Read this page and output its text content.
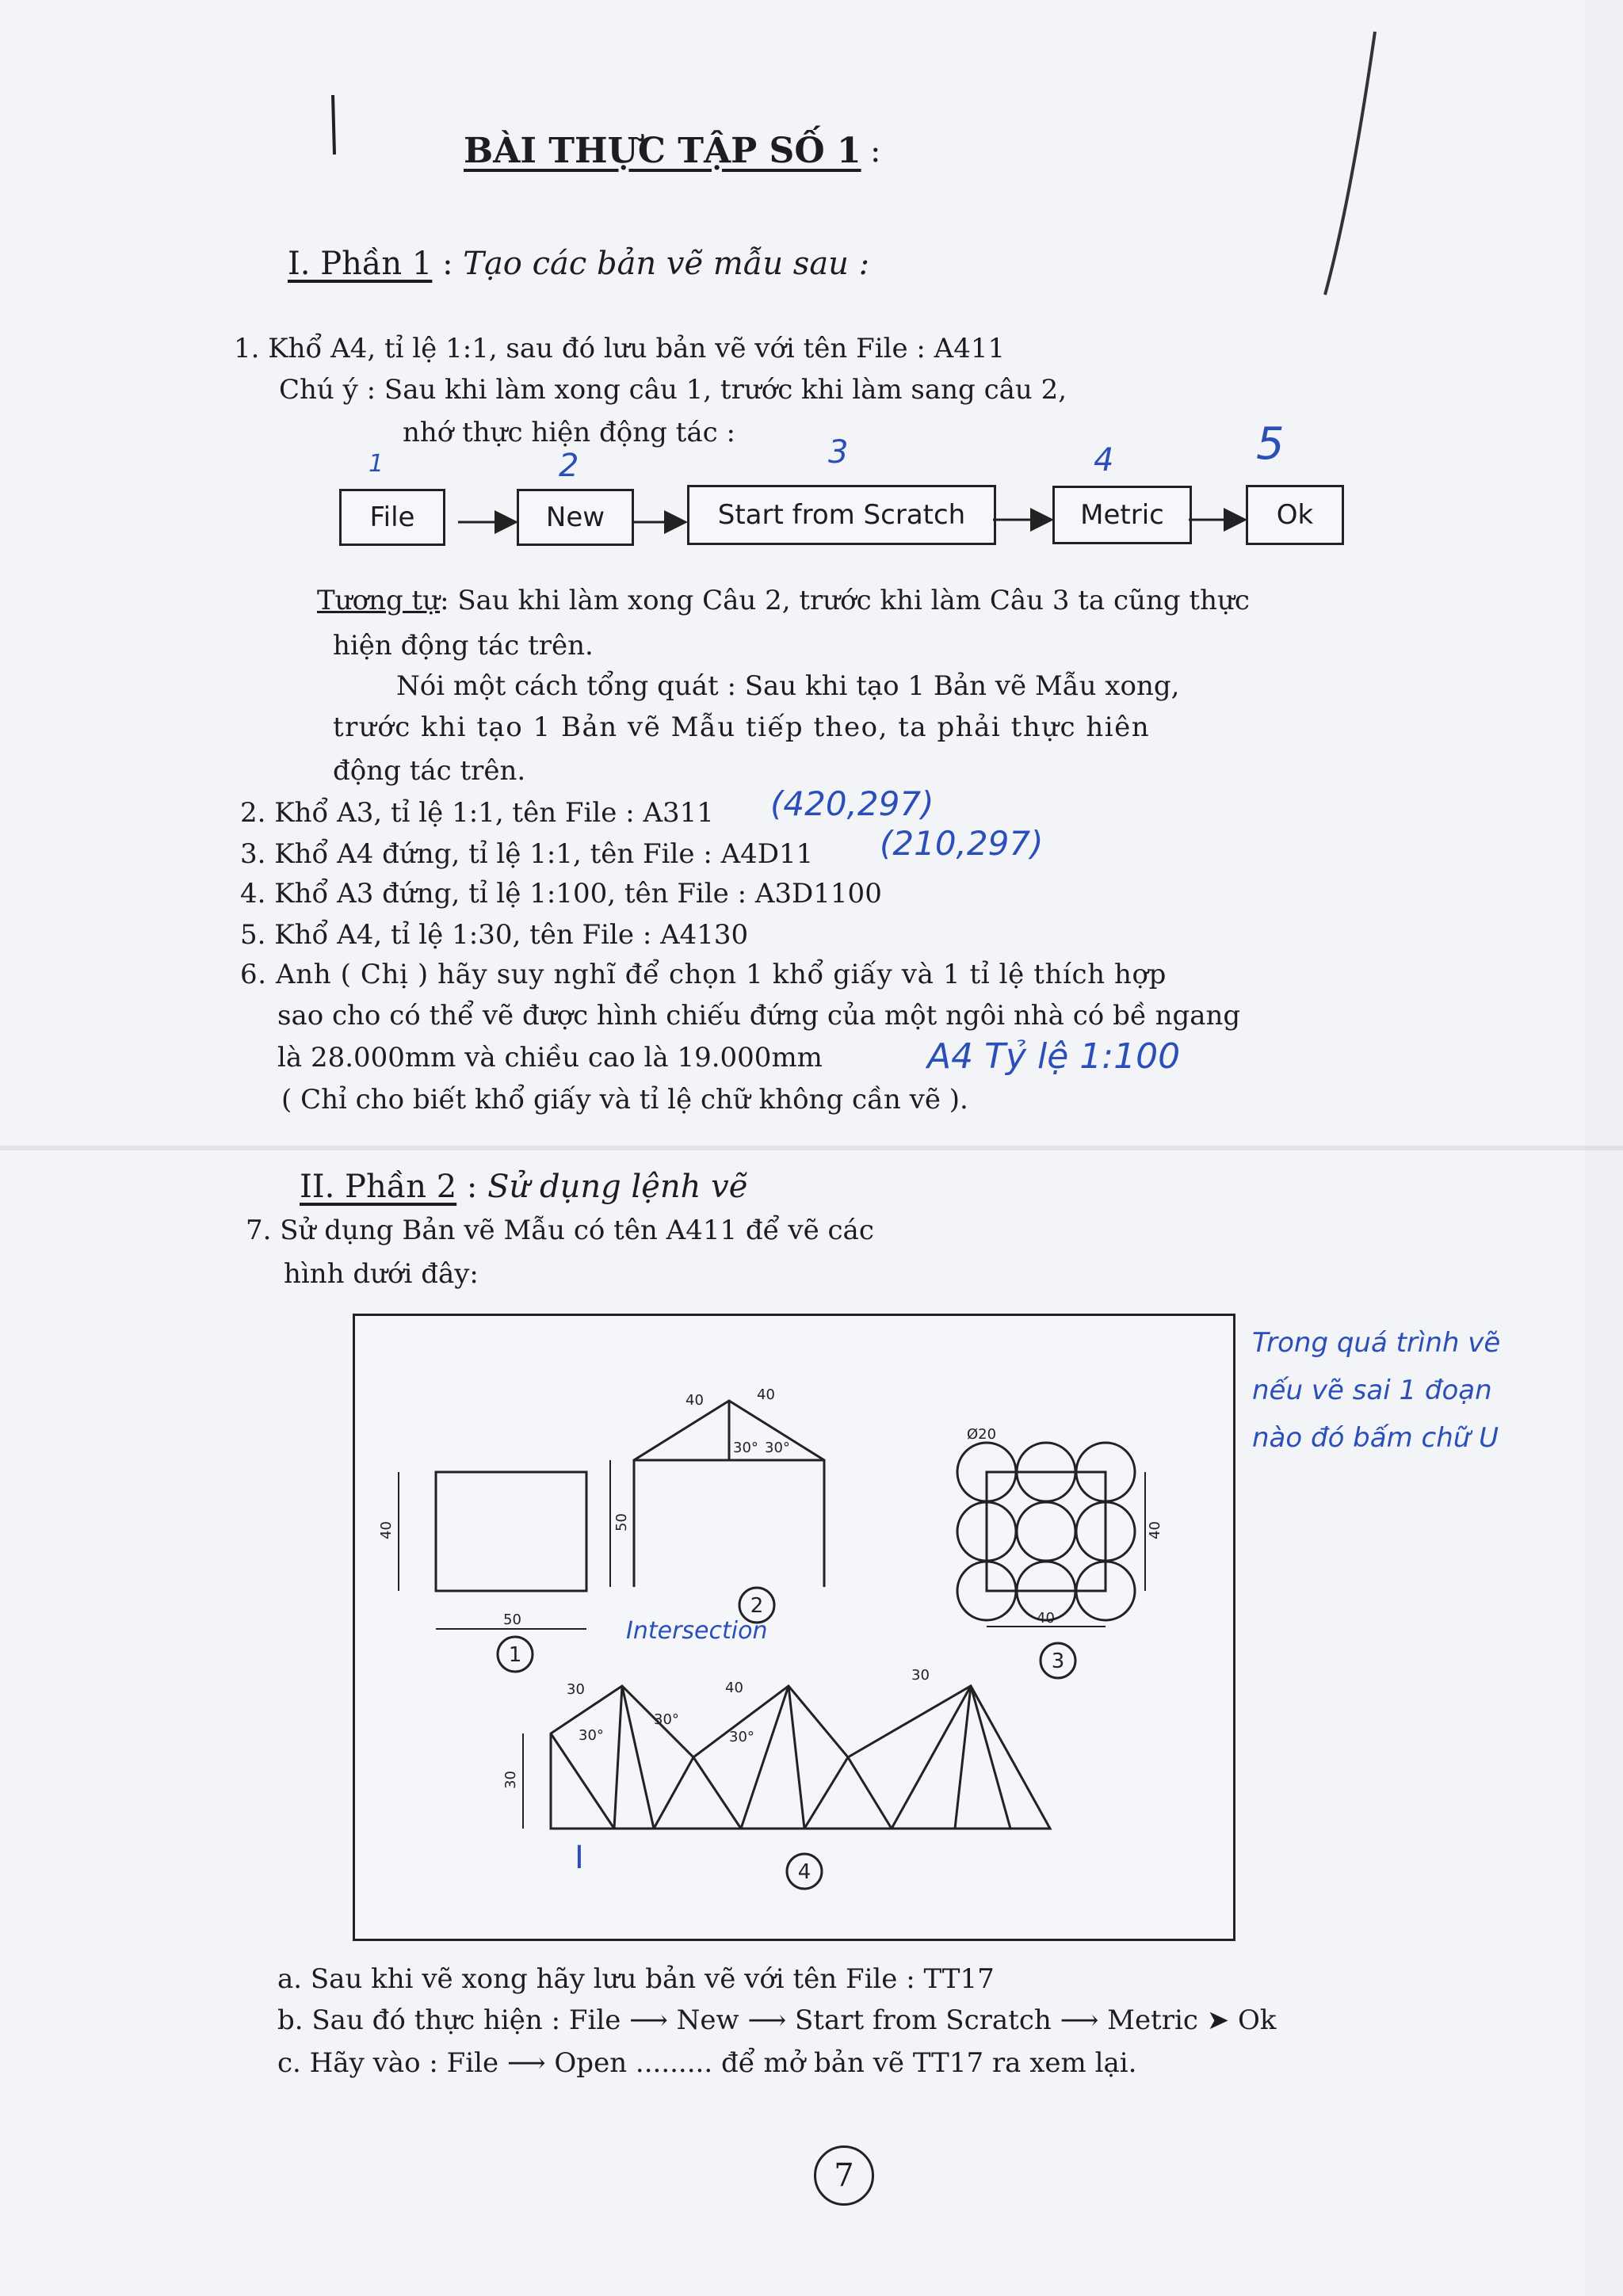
BÀI THỰC TẬP SỐ 1 :
I. Phần 1 : Tạo các bản vẽ mẫu sau :
1. Khổ A4, tỉ lệ 1:1, sau đó lưu bản vẽ với tên File : A411
Chú ý : Sau khi làm xong câu 1, trước khi làm sang câu 2,
nhớ thực hiện động tác :
File	New	Start from Scratch	Metric	Ok
1	2	3	4	5
Tương tự: Sau khi làm xong Câu 2, trước khi làm Câu 3 ta cũng thực
hiện động tác trên.
Nói một cách tổng quát : Sau khi tạo 1 Bản vẽ Mẫu xong,
trước khi tạo 1 Bản vẽ Mẫu tiếp theo, ta phải thực hiên
động tác trên.
2. Khổ A3, tỉ lệ 1:1, tên File : A311 (420,297)
3. Khổ A4 đứng, tỉ lệ 1:1, tên File : A4D11 (210,297)
4. Khổ A3 đứng, tỉ lệ 1:100, tên File : A3D1100
5. Khổ A4, tỉ lệ 1:30, tên File : A4130
6. Anh ( Chị ) hãy suy nghĩ để chọn 1 khổ giấy và 1 tỉ lệ thích hợp
sao cho có thể vẽ được hình chiếu đứng của một ngôi nhà có bề ngang
là 28.000mm và chiều cao là 19.000mm	A4 Tỷ lệ 1:100
( Chỉ cho biết khổ giấy và tỉ lệ chữ không cần vẽ ).
II. Phần 2 : Sử dụng lệnh vẽ
7. Sử dụng Bản vẽ Mẫu có tên A411 để vẽ các
hình dưới đây:
40
50
40	40
30° 30°
50
Ø20
40
40
30	40
30
30°
30°	30°
30
1
2
3
4
Intersection
I
Trong quá trình vẽ
nếu vẽ sai 1 đoạn
nào đó bấm chữ U
a. Sau khi vẽ xong hãy lưu bản vẽ với tên File : TT17
b. Sau đó thực hiện : File ⟶ New ⟶ Start from Scratch ⟶ Metric ➤ Ok
c. Hãy vào : File ⟶ Open ......... để mở bản vẽ TT17 ra xem lại.
7
